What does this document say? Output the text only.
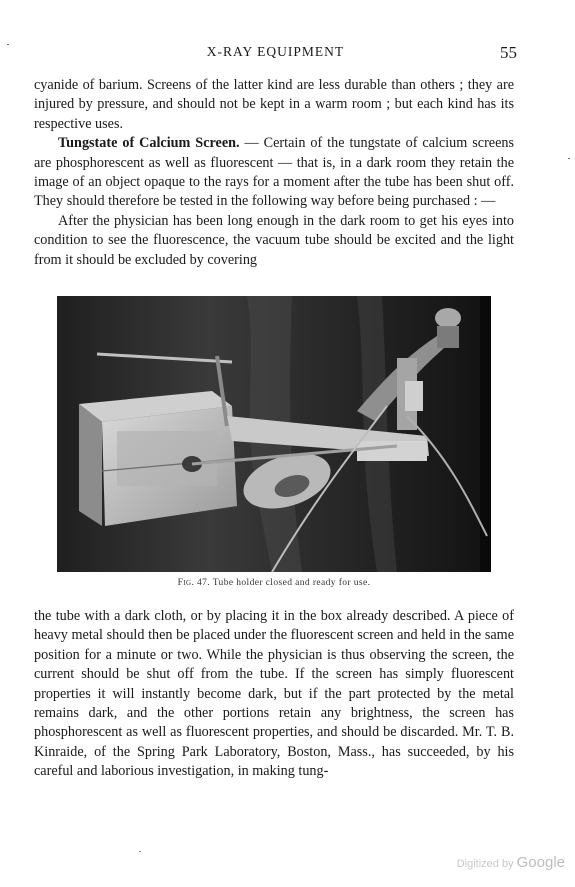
X-RAY EQUIPMENT	55

cyanide of barium. Screens of the latter kind are less durable than others ; they are injured by pressure, and should not be kept in a warm room ; but each kind has its respective uses.

Tungstate of Calcium Screen. — Certain of the tungstate of calcium screens are phosphorescent as well as fluorescent — that is, in a dark room they retain the image of an object opaque to the rays for a moment after the tube has been shut off. They should therefore be tested in the following way before being purchased : —

After the physician has been long enough in the dark room to get his eyes into condition to see the fluorescence, the vacuum tube should be excited and the light from it should be excluded by covering

Fig. 47. Tube holder closed and ready for use.

the tube with a dark cloth, or by placing it in the box already described. A piece of heavy metal should then be placed under the fluorescent screen and held in the same position for a minute or two. While the physician is thus observing the screen, the current should be shut off from the tube. If the screen has simply fluorescent properties it will instantly become dark, but if the part protected by the metal remains dark, and the other portions retain any brightness, the screen has phosphorescent as well as fluorescent properties, and should be discarded. Mr. T. B. Kinraide, of the Spring Park Laboratory, Boston, Mass., has succeeded, by his careful and laborious investigation, in making tung-

Digitized by Google
